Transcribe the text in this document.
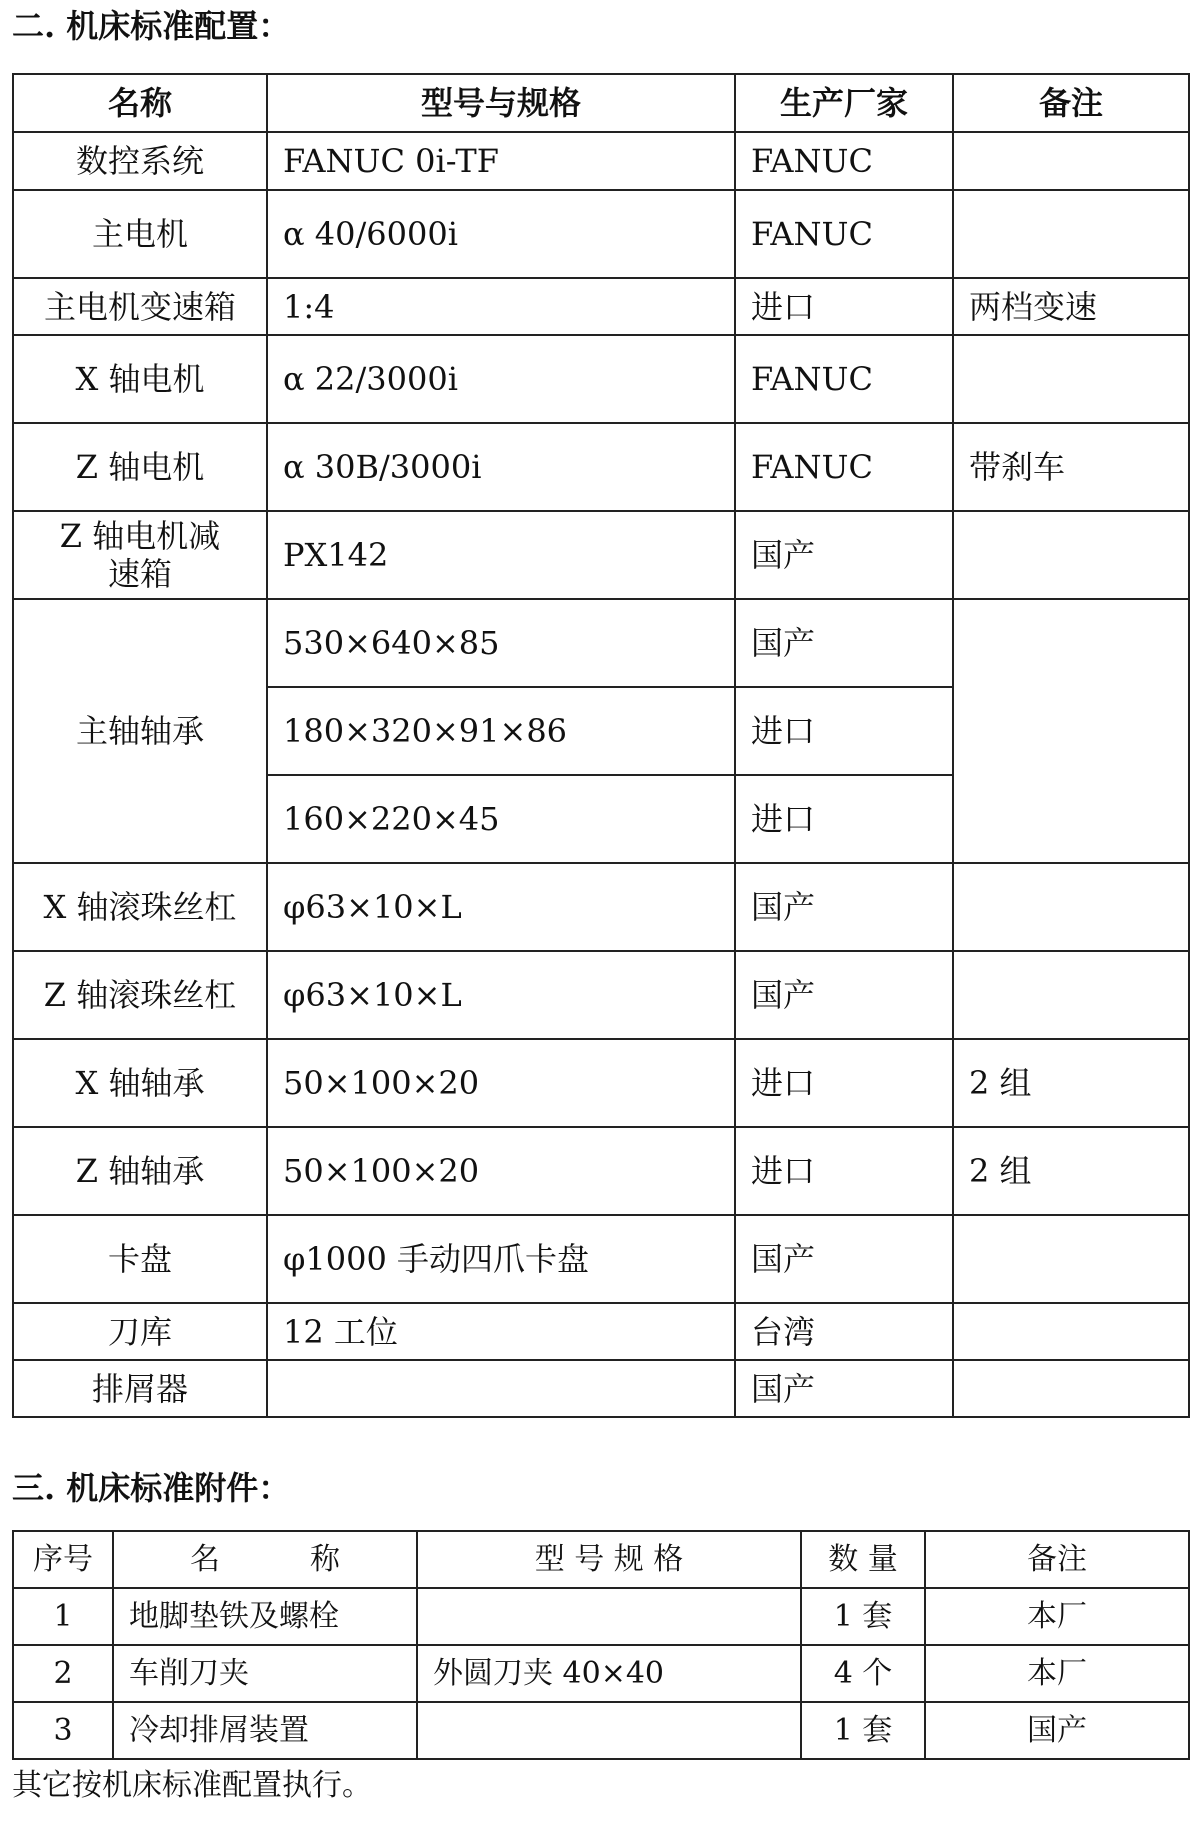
二. 机床标准配置：
名称	型号与规格	生产厂家	备注
数控系统	FANUC 0i-TF	FANUC	
主电机	α 40/6000i	FANUC	
主电机变速箱	1:4	进口	两档变速
X 轴电机	α 22/3000i	FANUC	
Z 轴电机	α 30B/3000i	FANUC	带刹车
Z 轴电机减速箱	PX142	国产	
主轴轴承	530×640×85	国产	
	180×320×91×86	进口	
	160×220×45	进口	
X 轴滚珠丝杠	φ63×10×L	国产	
Z 轴滚珠丝杠	φ63×10×L	国产	
X 轴轴承	50×100×20	进口	2 组
Z 轴轴承	50×100×20	进口	2 组
卡盘	φ1000 手动四爪卡盘	国产	
刀库	12 工位	台湾	
排屑器		国产	
三. 机床标准附件：
序号	名　　　称	型 号 规 格	数 量	备注
1	地脚垫铁及螺栓		1 套	本厂
2	车削刀夹	外圆刀夹 40×40	4 个	本厂
3	冷却排屑装置		1 套	国产
其它按机床标准配置执行。
